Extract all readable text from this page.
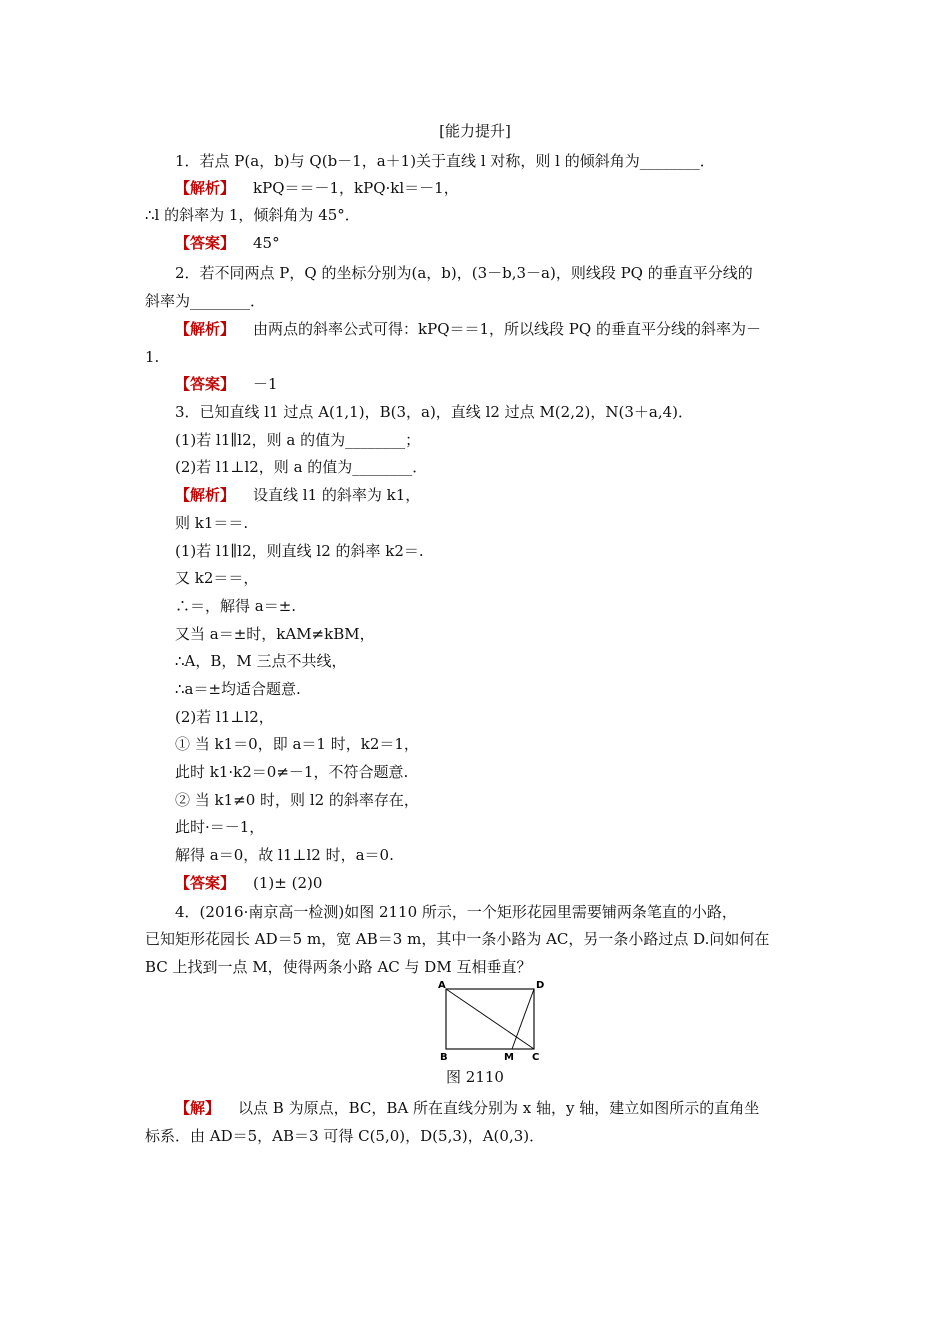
[能力提升]
1．若点 P(a，b)与 Q(b－1，a＋1)关于直线 l 对称，则 l 的倾斜角为________．
【解析】 kPQ＝＝－1，kPQ·kl＝－1，
∴l 的斜率为 1，倾斜角为 45°．
【答案】 45°
2．若不同两点 P，Q 的坐标分别为(a，b)，(3－b,3－a)，则线段 PQ 的垂直平分线的
斜率为________．
【解析】 由两点的斜率公式可得：kPQ＝＝1，所以线段 PQ 的垂直平分线的斜率为－
1.
【答案】 －1
3．已知直线 l1 过点 A(1,1)，B(3，a)，直线 l2 过点 M(2,2)，N(3＋a,4)．
(1)若 l1∥l2，则 a 的值为________；
(2)若 l1⊥l2，则 a 的值为________．
【解析】 设直线 l1 的斜率为 k1，
则 k1＝＝.
(1)若 l1∥l2，则直线 l2 的斜率 k2＝.
又 k2＝＝，
∴＝，解得 a＝±.
又当 a＝±时，kAM≠kBM，
∴A，B，M 三点不共线，
∴a＝±均适合题意.
(2)若 l1⊥l2，
① 当 k1＝0，即 a＝1 时，k2＝1，
此时 k1·k2＝0≠－1，不符合题意.
② 当 k1≠0 时，则 l2 的斜率存在，
此时·＝－1，
解得 a＝0，故 l1⊥l2 时，a＝0.
【答案】 (1)± (2)0
4．(2016·南京高一检测)如图 2110 所示，一个矩形花园里需要铺两条笔直的小路，
已知矩形花园长 AD＝5 m，宽 AB＝3 m，其中一条小路为 AC，另一条小路过点 D.问如何在
BC 上找到一点 M，使得两条小路 AC 与 DM 互相垂直？
A	D
B	M C
图 2110
【解】 以点 B 为原点，BC，BA 所在直线分别为 x 轴，y 轴，建立如图所示的直角坐
标系．由 AD＝5，AB＝3 可得 C(5,0)，D(5,3)，A(0,3)．
